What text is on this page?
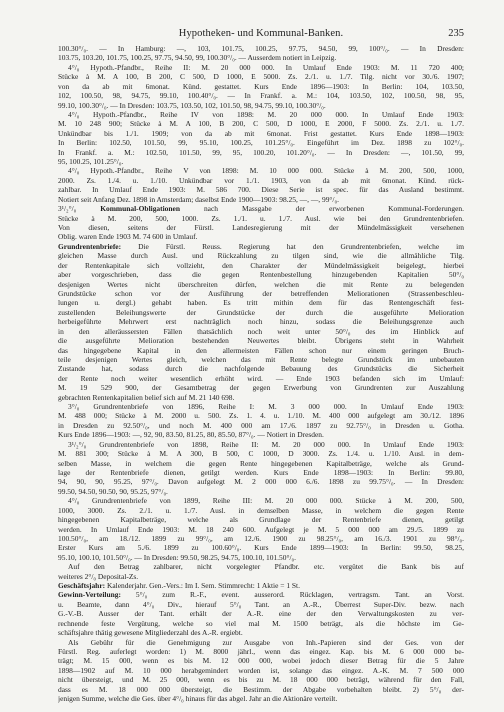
Hypotheken- und Kommunal-Banken.	235
100.30°/₀. — In Hamburg: —, 103, 101.75, 100.25, 97.75, 94.50, 99, 100°/₀. — In Dresden:
103.75, 103.20, 101.75, 100.25, 97.75, 94.50, 99, 100.30°/₀. — Ausserdem notiert in Leipzig.
4°/₀ Hypoth.-Pfandbr., Reihe II: M. 20 000 000. In Umlauf Ende 1903: M. 11 720 400;
Stücke à M. A 100, B 200, C 500, D 1000, E 5000. Zs. 2./1. u. 1./7. Tilg. nicht vor 30./6. 1907;
von da ab mit 6monat. Künd. gestattet. Kurs Ende 1896—1903: In Berlin: 104, 103.50,
102, 100.50, 98, 94.75, 99.10, 100.40°/₀. — In Frankf. a. M.: 104, 103.50, 102, 100.50, 98, 95,
99.10, 100.30°/₀. — In Dresden: 103.75, 103.50, 102, 101.50, 98, 94.75, 99.10, 100.30°/₀.
4°/₀ Hypoth.-Pfandbr., Reihe IV von 1898: M. 20 000 000. In Umlauf Ende 1903:
M. 10 248 900; Stücke à M. A 100, B 200, C 500, D 1000, E 2000, F 5000. Zs. 2./1. u. 1./7.
Unkündbar bis 1./1. 1909; von da ab mit 6monat. Frist gestattet. Kurs Ende 1898—1903:
In Berlin: 102.50, 101.50, 99, 95.10, 100.25, 101.25°/₀. Eingeführt im Dez. 1898 zu 102°/₀.
In Frankf. a. M.: 102.50, 101.50, 99, 95, 100.20, 101.20°/₀. — In Dresden: —, 101.50, 99,
95, 100.25, 101.25°/₀.
4°/₀ Hypoth.-Pfandbr., Reihe V von 1898: M. 10 000 000. Stücke à M. 200, 500, 1000,
2000. Zs. 1./4. u. 1./10. Unkündbar vor 1./1. 1903, von da ab mit 6monat. Künd. rück-
zahlbar. In Umlauf Ende 1903: M. 586 700. Diese Serie ist spec. für das Ausland bestimmt.
Notiert seit Anfang Dez. 1898 in Amsterdam; daselbst Ende 1900—1903: 98.25, —, —, 99°/₀.
3¹/₂°/₀ Kommunal-Obligationen nach Massgabe der erworbenen Kommunal-Forderungen.
Stücke à M. 200, 500, 1000. Zs. 1./1. u. 1./7. Ausl. wie bei den Grundrentenbriefen.
Von diesen, seitens der Fürstl. Landesregierung mit der Mündelmässigkeit versehenen
Oblig. waren Ende 1903 M. 74 600 in Umlauf.
Grundrentenbriefe: Die Fürstl. Reuss. Regierung hat den Grundrentenbriefen, welche im
gleichen Masse durch Ausl. und Rückzahlung zu tilgen sind, wie die allmähliche Tilg.
der Rentenkapitale sich vollzieht, den Charakter der Mündelmässigkeit beigelegt, hierbei
aber vorgeschrieben, dass die gegen Rentenbestellung hinzugebenden Kapitalien 50°/₀
desjenigen Wertes nicht überschreiten dürfen, welchen die mit Rente zu belegenden
Grundstücke schon vor der Ausführung der betreffenden Meliorationen (Strassenbeschleu-
lungen u. dergl.) gehabt haben. Es tritt mithin dem für das Rentengeschäft fest-
zustellenden Beleihungswerte der Grundstücke der durch die ausgeführte Melioration
herbeigeführte Mehrwert erst nachträglich noch hinzu, sodass die Beleihungsgrenze auch
in den alleräussersten Fällen thatsächlich noch weit unter 50°/₀ des im Hinblick auf
die ausgeführte Melioration bestehenden Neuwertes bleibt. Übrigens steht in Wahrheit
das hingegebene Kapital in den allermeisten Fällen schon nur einem geringen Bruch-
teile desjenigen Wertes gleich, welchen das mit Rente belegte Grundstück im unbebauten
Zustande hat, sodass durch die nachfolgende Bebauung des Grundstücks die Sicherheit
der Rente noch weiter wesentlich erhöht wird. — Ende 1903 befanden sich im Umlauf:
M. 19 529 900, der Gesamtbetrag der gegen Erwerbung von Grundrenten zur Auszahlung
gebrachten Rentenkapitalien belief sich auf M. 21 140 698.
3°/₀ Grundrentenbriefe von 1896, Reihe I: M. 3 000 000. In Umlauf Ende 1903:
M. 488 000; Stücke à M. 2000 u. 500. Zs. 1. 4. u. 1./10. M. 400 000 aufgelegt am 30./12. 1896
in Dresden zu 92.50°/₀, und noch M. 400 000 am 17./6. 1897 zu 92.75°/₀ in Dresden u. Gotha.
Kurs Ende 1896—1903: —, 92, 90, 83.50, 81.25, 80, 85.50, 87°/₀. — Notiert in Dresden.
3¹/₂°/₀ Grundrentenbriefe von 1898, Reihe II: M. 20 000 000. In Umlauf Ende 1903:
M. 881 300; Stücke à M. A 300, B 500, C 1000, D 3000. Zs. 1./4. u. 1./10. Ausl. in dem-
selben Masse, in welchem die gegen Rente hingegebenen Kapitalbeträge, welche als Grund-
lage der Rentenbriefe dienen, getilgt werden. Kurs Ende 1898—1903: In Berlin: 99.80,
94, 90, 90, 95.25, 97°/₀. Davon aufgelegt M. 2 000 000 6./6. 1898 zu 99.75°/₀. — In Dresden:
99.50, 94.50, 90.50, 90, 95.25, 97°/₀.
4°/₀ Grundrentenbriefe von 1899, Reihe III: M. 20 000 000. Stücke à M. 200, 500,
1000, 3000. Zs. 2./1. u. 1./7. Ausl. in demselben Masse, in welchem die gegen Rente
hingegebenen Kapitalbeträge, welche als Grundlage der Rentenbriefe dienen, getilgt
werden. In Umlauf Ende 1903: M. 18 240 600. Aufgelegt je M. 5 000 000 am 29./5. 1899 zu
100.50°/₀, am 18./12. 1899 zu 99°/₀, am 12./6. 1900 zu 98.25°/₀, am 16./3. 1901 zu 98°/₀.
Erster Kurs am 5./6. 1899 zu 100.60°/₀. Kurs Ende 1899—1903: In Berlin: 99.50, 98.25,
95.10, 100.10, 101.50°/₀. — In Dresden: 99.50, 98.25, 94.75, 100.10, 101.50°/₀.
Auf den Betrag zahlbarer, nicht vorgelegter Pfandbr. etc. vergütet die Bank bis auf
weiteres 2°/₀ Deposital-Zs.
Geschäftsjahr: Kalenderjahr. Gen.-Vers.: Im I. Sem. Stimmrecht: 1 Aktie = 1 St.
Gewinn-Verteilung: 5°/₀ zum R.-F., event. ausserord. Rücklagen, vertragsm. Tant. an Vorst.
u. Beamte, dann 4°/₀ Div., hierauf 5°/₀ Tant. an A.-R., Überrest Super-Div. bezw. nach
G.-V.-B. Ausser der Tant. erhält der A.-R. eine der den Verwaltungskosten zu ver-
rechnende feste Vergütung, welche so viel mal M. 1500 beträgt, als die höchste im Ge-
schäftsjahre thätig gewesene Mitgliederzahl des A.-R. ergiebt.
Als Gebühr für die Genehmigung zur Ausgabe von Inh.-Papieren sind der Ges. von der
Fürstl. Reg. auferlegt worden: 1) M. 8000 jährl., wenn das eingez. Kap. bis M. 6 000 000 be-
trägt; M. 15 000, wenn es bis M. 12 000 000, wobei jedoch dieser Betrag für die 5 Jahre
1898—1902 auf M. 10 000 herabgemindert worden ist, solange das eingez. A.-K. M. 7 500 000
nicht übersteigt, und M. 25 000, wenn es bis zu M. 18 000 000 beträgt, während für den Fall,
dass es M. 18 000 000 übersteigt, die Bestimm. der Abgabe vorbehalten bleibt. 2) 5°/₀ der-
jenigen Summe, welche die Ges. über 4°/₀ hinaus für das abgel. Jahr an die Aktionäre verteilt.
